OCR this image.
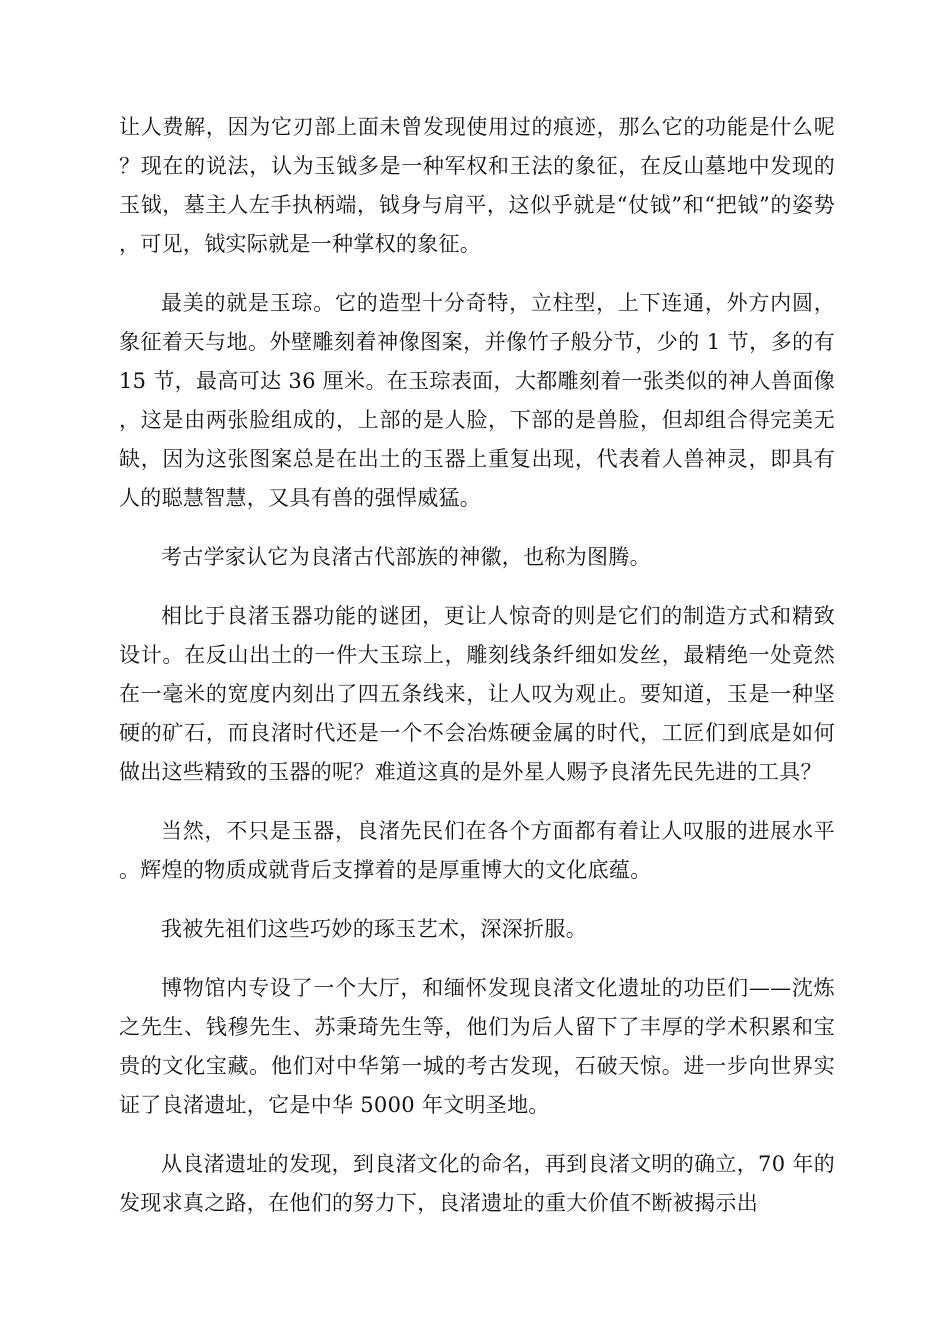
让人费解，因为它刃部上面未曾发现使用过的痕迹，那么它的功能是什么呢？现在的说法，认为玉钺多是一种军权和王法的象征，在反山墓地中发现的玉钺，墓主人左手执柄端，钺身与肩平，这似乎就是“仗钺”和“把钺”的姿势，可见，钺实际就是一种掌权的象征。

最美的就是玉琮。它的造型十分奇特，立柱型，上下连通，外方内圆，象征着天与地。外壁雕刻着神像图案，并像竹子般分节，少的 1 节，多的有 15 节，最高可达 36 厘米。在玉琮表面，大都雕刻着一张类似的神人兽面像，这是由两张脸组成的，上部的是人脸，下部的是兽脸，但却组合得完美无缺，因为这张图案总是在出土的玉器上重复出现，代表着人兽神灵，即具有人的聪慧智慧，又具有兽的强悍威猛。

考古学家认它为良渚古代部族的神徽，也称为图腾。

相比于良渚玉器功能的谜团，更让人惊奇的则是它们的制造方式和精致设计。在反山出土的一件大玉琮上，雕刻线条纤细如发丝，最精绝一处竟然在一毫米的宽度内刻出了四五条线来，让人叹为观止。要知道，玉是一种坚硬的矿石，而良渚时代还是一个不会冶炼硬金属的时代，工匠们到底是如何做出这些精致的玉器的呢？难道这真的是外星人赐予良渚先民先进的工具？

当然，不只是玉器，良渚先民们在各个方面都有着让人叹服的进展水平。辉煌的物质成就背后支撑着的是厚重博大的文化底蕴。

我被先祖们这些巧妙的琢玉艺术，深深折服。

博物馆内专设了一个大厅，和缅怀发现良渚文化遗址的功臣们——沈炼之先生、钱穆先生、苏秉琦先生等，他们为后人留下了丰厚的学术积累和宝贵的文化宝藏。他们对中华第一城的考古发现，石破天惊。进一步向世界实证了良渚遗址，它是中华 5000 年文明圣地。

从良渚遗址的发现，到良渚文化的命名，再到良渚文明的确立，70 年的发现求真之路，在他们的努力下，良渚遗址的重大价值不断被揭示出
